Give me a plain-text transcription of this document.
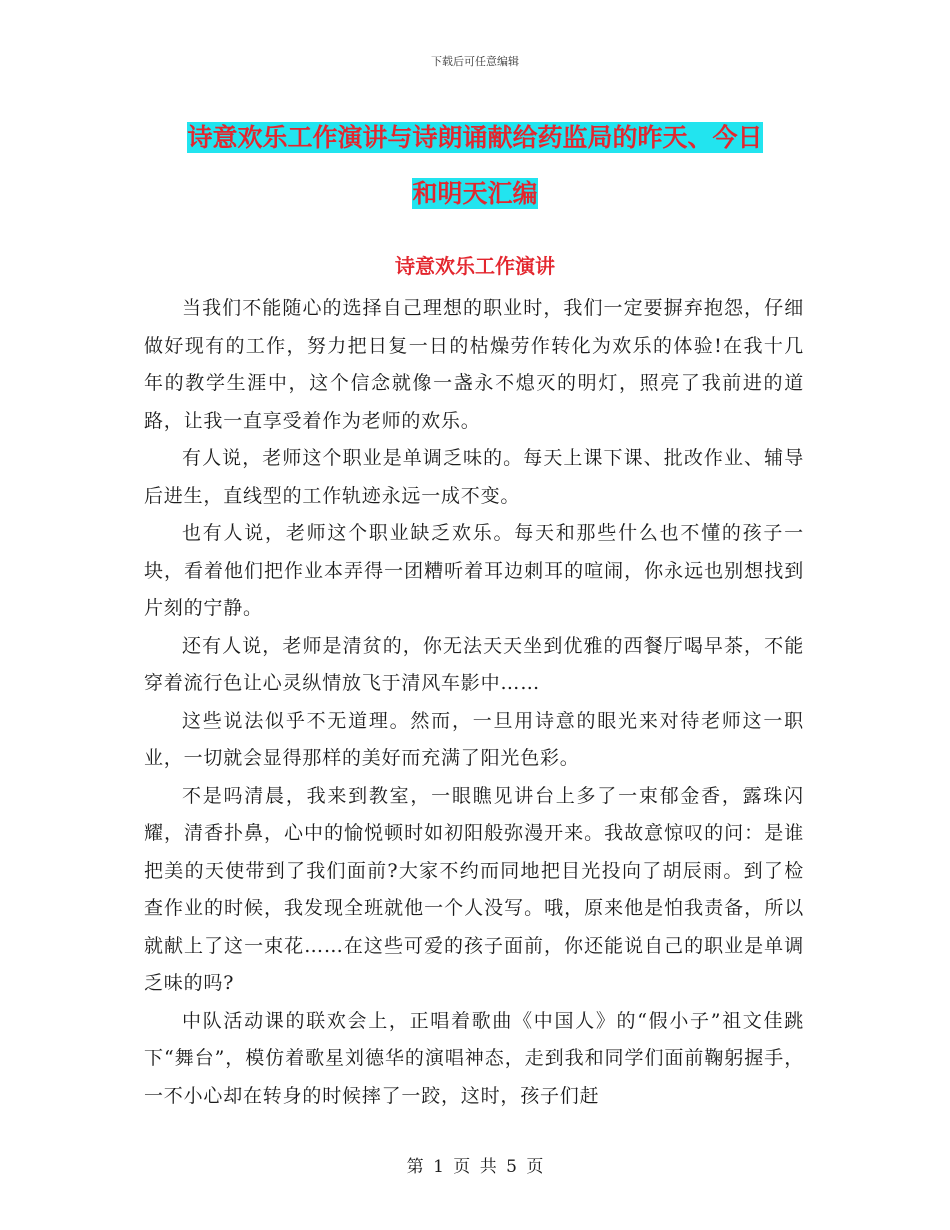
下载后可任意编辑
诗意欢乐工作演讲与诗朗诵献给药监局的昨天、今日
和明天汇编
诗意欢乐工作演讲

当我们不能随心的选择自己理想的职业时，我们一定要摒弃抱怨，仔细做好现有的工作，努力把日复一日的枯燥劳作转化为欢乐的体验!在我十几年的教学生涯中，这个信念就像一盏永不熄灭的明灯，照亮了我前进的道路，让我一直享受着作为老师的欢乐。

有人说，老师这个职业是单调乏味的。每天上课下课、批改作业、辅导后进生，直线型的工作轨迹永远一成不变。

也有人说，老师这个职业缺乏欢乐。每天和那些什么也不懂的孩子一块，看着他们把作业本弄得一团糟听着耳边刺耳的喧闹，你永远也别想找到片刻的宁静。

还有人说，老师是清贫的，你无法天天坐到优雅的西餐厅喝早茶，不能穿着流行色让心灵纵情放飞于清风车影中……

这些说法似乎不无道理。然而，一旦用诗意的眼光来对待老师这一职业，一切就会显得那样的美好而充满了阳光色彩。

不是吗清晨，我来到教室，一眼瞧见讲台上多了一束郁金香，露珠闪耀，清香扑鼻，心中的愉悦顿时如初阳般弥漫开来。我故意惊叹的问：是谁把美的天使带到了我们面前?大家不约而同地把目光投向了胡辰雨。到了检查作业的时候，我发现全班就他一个人没写。哦，原来他是怕我责备，所以就献上了这一束花……在这些可爱的孩子面前，你还能说自己的职业是单调乏味的吗?

中队活动课的联欢会上，正唱着歌曲《中国人》的“假小子”祖文佳跳下“舞台”，模仿着歌星刘德华的演唱神态，走到我和同学们面前鞠躬握手，一不小心却在转身的时候摔了一跤，这时，孩子们赶

第 1 页 共 5 页
